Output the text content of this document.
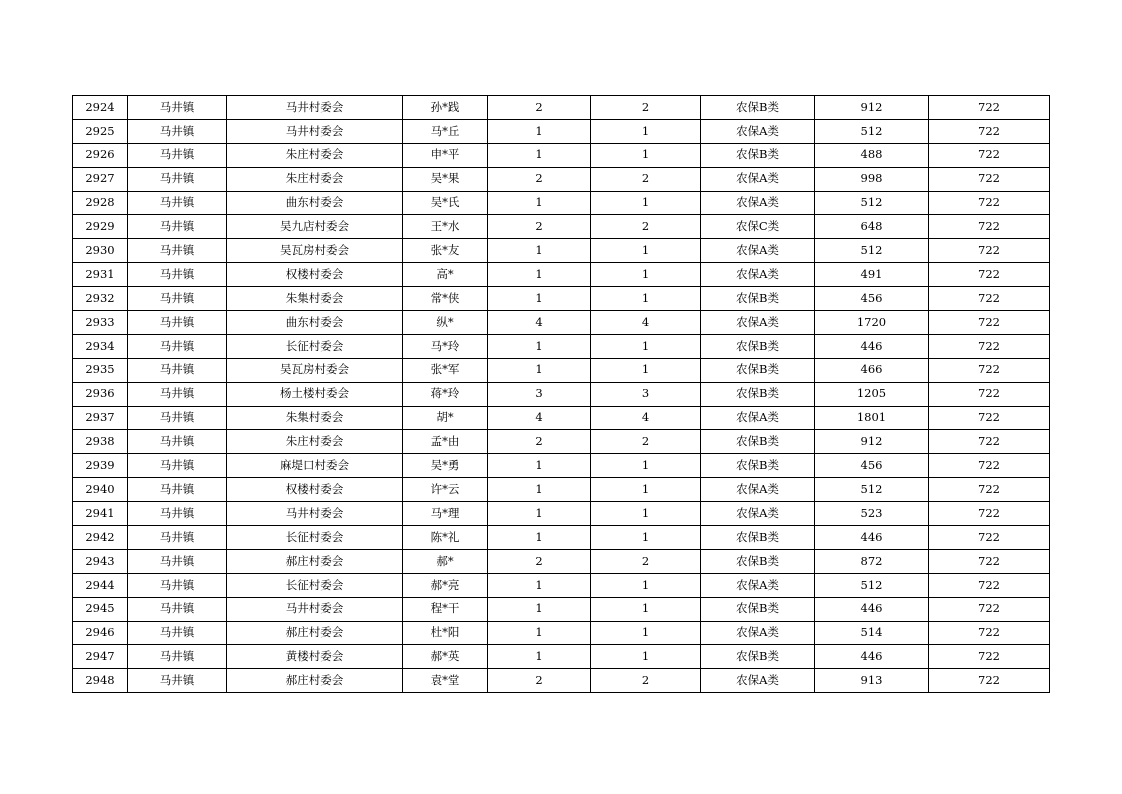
2924	马井镇	马井村委会	孙*践	2	2	农保B类	912	722
2925	马井镇	马井村委会	马*丘	1	1	农保A类	512	722
2926	马井镇	朱庄村委会	申*平	1	1	农保B类	488	722
2927	马井镇	朱庄村委会	吴*果	2	2	农保A类	998	722
2928	马井镇	曲东村委会	吴*氏	1	1	农保A类	512	722
2929	马井镇	吴九店村委会	王*水	2	2	农保C类	648	722
2930	马井镇	吴瓦房村委会	张*友	1	1	农保A类	512	722
2931	马井镇	权楼村委会	高*	1	1	农保A类	491	722
2932	马井镇	朱集村委会	常*侠	1	1	农保B类	456	722
2933	马井镇	曲东村委会	纵*	4	4	农保A类	1720	722
2934	马井镇	长征村委会	马*玲	1	1	农保B类	446	722
2935	马井镇	吴瓦房村委会	张*军	1	1	农保B类	466	722
2936	马井镇	杨土楼村委会	蒋*玲	3	3	农保B类	1205	722
2937	马井镇	朱集村委会	胡*	4	4	农保A类	1801	722
2938	马井镇	朱庄村委会	孟*由	2	2	农保B类	912	722
2939	马井镇	麻堤口村委会	吴*勇	1	1	农保B类	456	722
2940	马井镇	权楼村委会	许*云	1	1	农保A类	512	722
2941	马井镇	马井村委会	马*理	1	1	农保A类	523	722
2942	马井镇	长征村委会	陈*礼	1	1	农保B类	446	722
2943	马井镇	郝庄村委会	郝*	2	2	农保B类	872	722
2944	马井镇	长征村委会	郝*亮	1	1	农保A类	512	722
2945	马井镇	马井村委会	程*干	1	1	农保B类	446	722
2946	马井镇	郝庄村委会	杜*阳	1	1	农保A类	514	722
2947	马井镇	黄楼村委会	郝*英	1	1	农保B类	446	722
2948	马井镇	郝庄村委会	袁*堂	2	2	农保A类	913	722
